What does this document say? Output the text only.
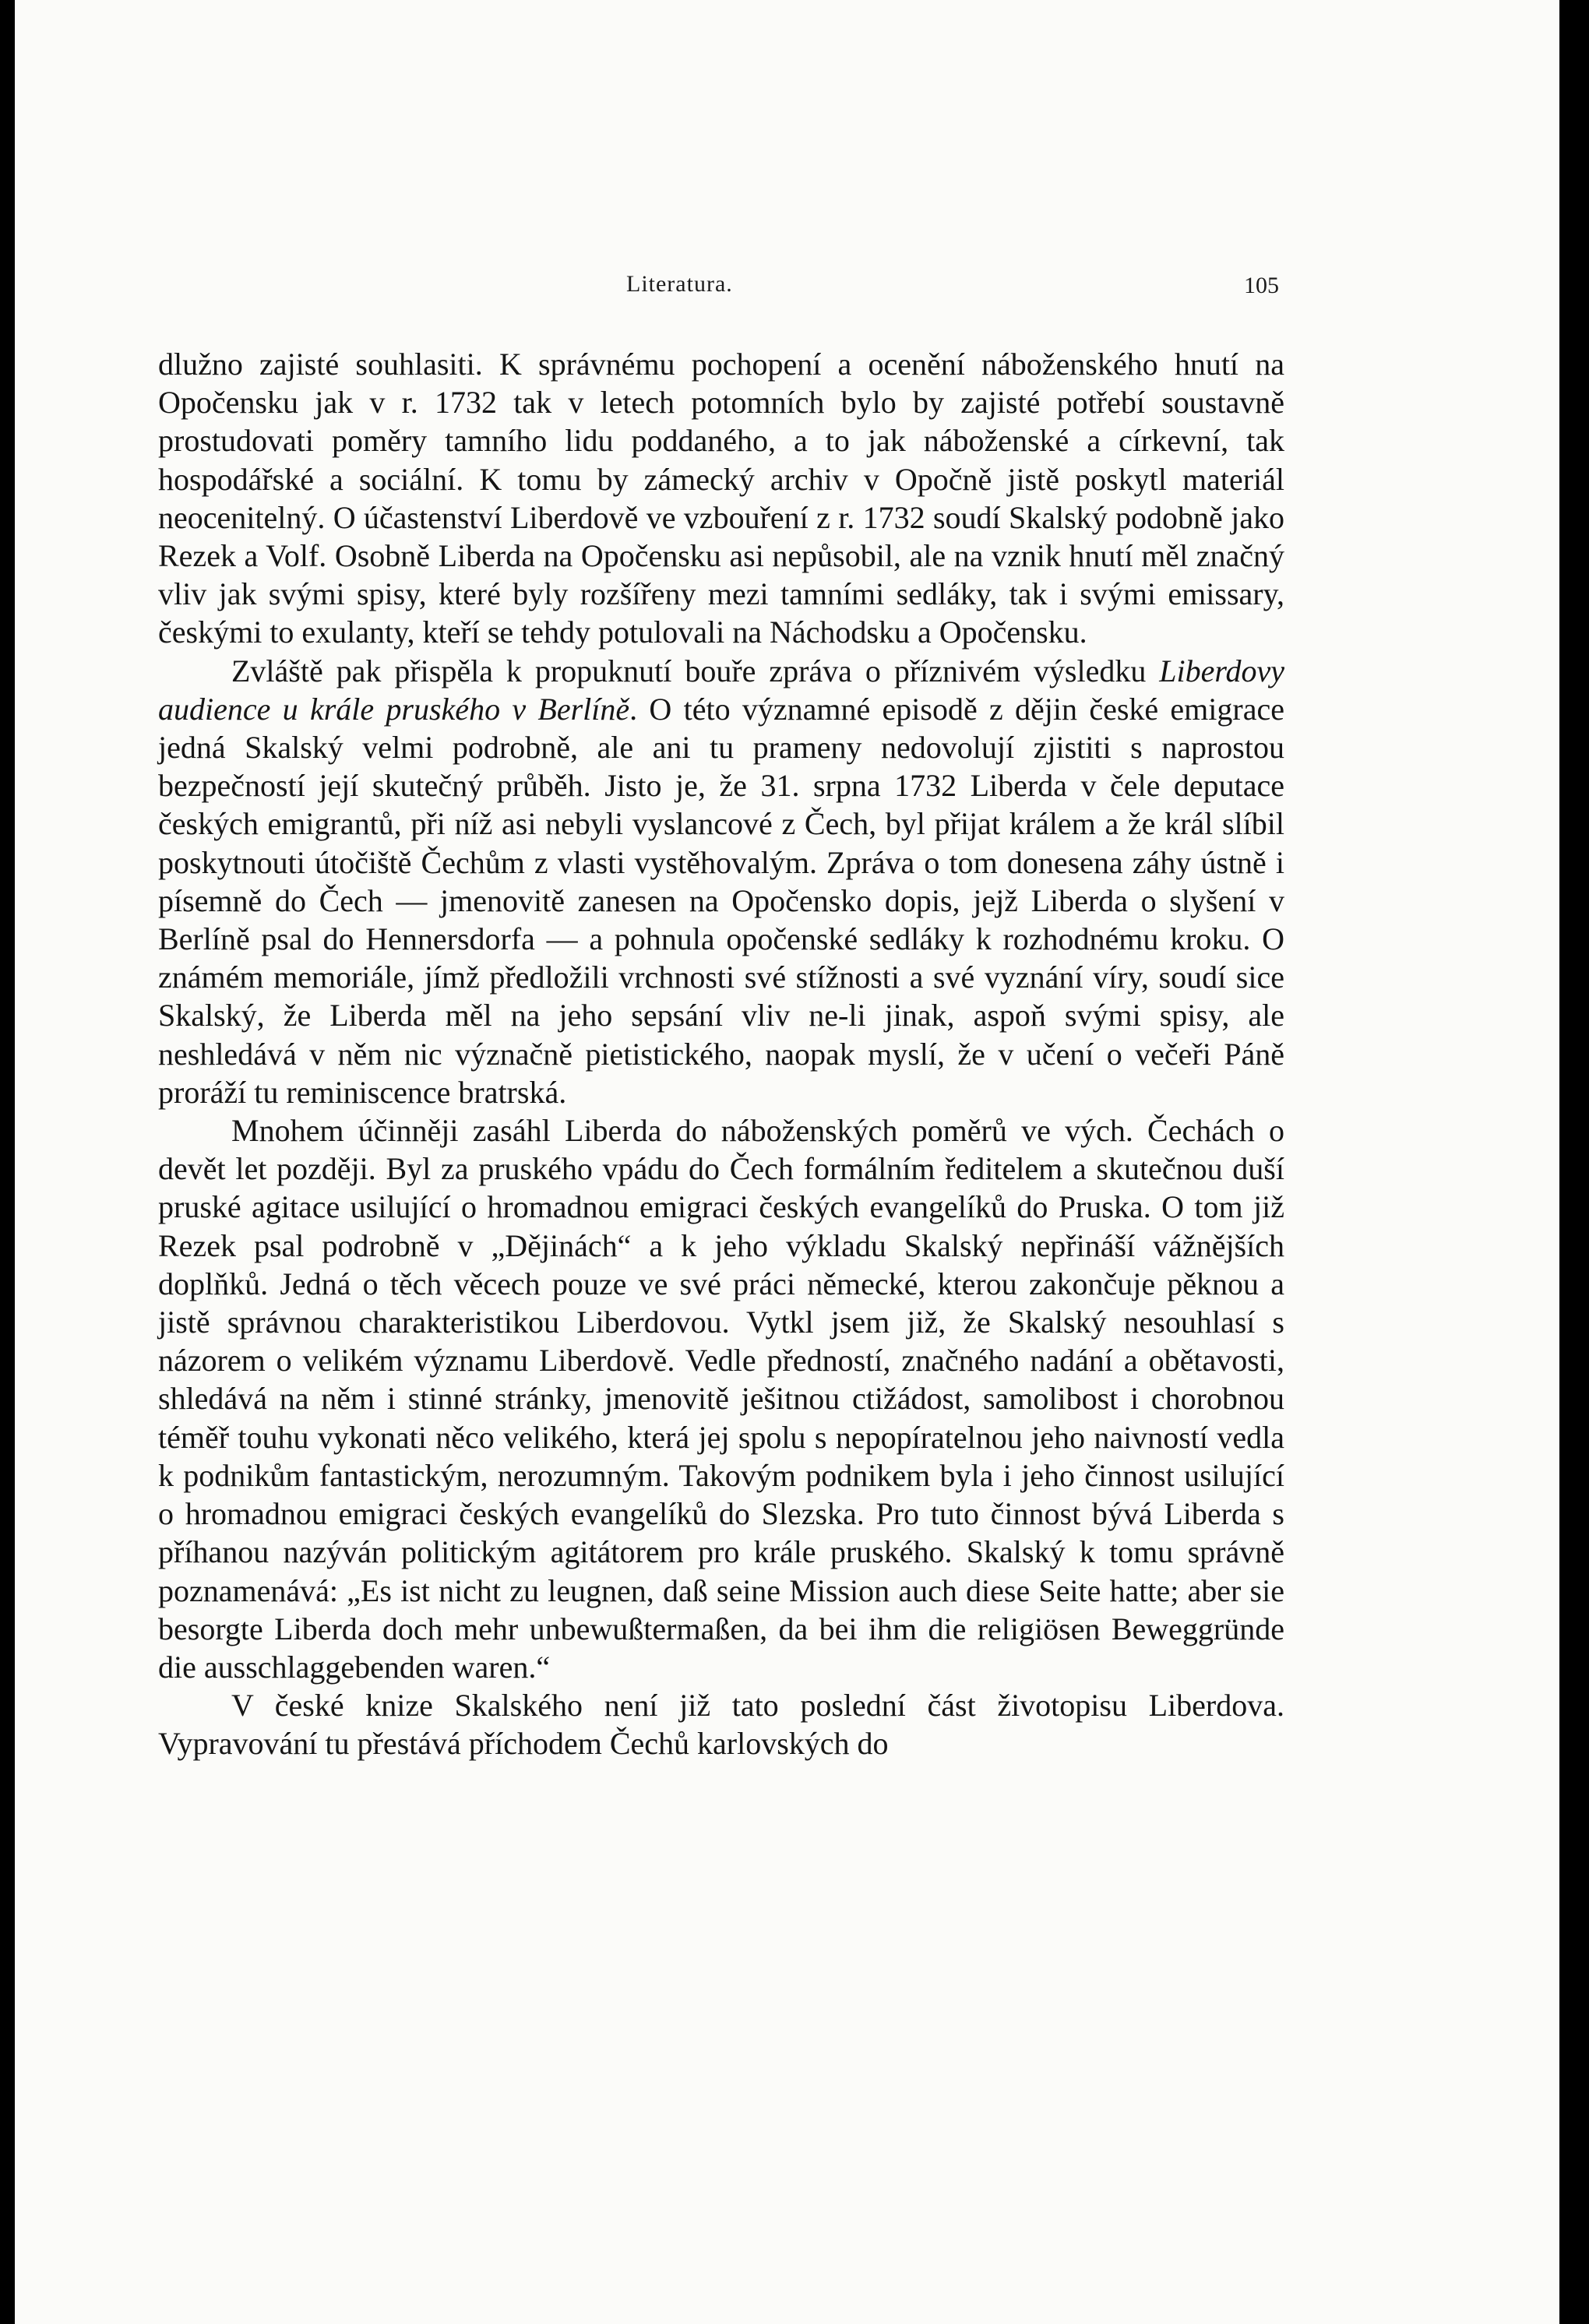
Literatura.	105

dlužno zajisté souhlasiti. K správnému pochopení a ocenění náboženského hnutí na Opočensku jak v r. 1732 tak v letech potomních bylo by zajisté potřebí soustavně prostudovati poměry tamního lidu poddaného, a to jak náboženské a církevní, tak hospodářské a sociální. K tomu by zámecký archiv v Opočně jistě poskytl materiál neocenitelný. O účastenství Liberdově ve vzbouření z r. 1732 soudí Skalský podobně jako Rezek a Volf. Osobně Liberda na Opočensku asi nepůsobil, ale na vznik hnutí měl značný vliv jak svými spisy, které byly rozšířeny mezi tamními sedláky, tak i svými emissary, českými to exulanty, kteří se tehdy potulovali na Náchodsku a Opočensku.

Zvláště pak přispěla k propuknutí bouře zpráva o příznivém výsledku Liberdovy audience u krále pruského v Berlíně. O této významné episodě z dějin české emigrace jedná Skalský velmi podrobně, ale ani tu prameny nedovolují zjistiti s naprostou bezpečností její skutečný průběh. Jisto je, že 31. srpna 1732 Liberda v čele deputace českých emigrantů, při níž asi nebyli vyslancové z Čech, byl přijat králem a že král slíbil poskytnouti útočiště Čechům z vlasti vystěhovalým. Zpráva o tom donesena záhy ústně i písemně do Čech — jmenovitě zanesen na Opočensko dopis, jejž Liberda o slyšení v Berlíně psal do Hennersdorfa — a pohnula opočenské sedláky k rozhodnému kroku. O známém memoriále, jímž předložili vrchnosti své stížnosti a své vyznání víry, soudí sice Skalský, že Liberda měl na jeho sepsání vliv ne-li jinak, aspoň svými spisy, ale neshledává v něm nic význačně pietistického, naopak myslí, že v učení o večeři Páně proráží tu reminiscence bratrská.

Mnohem účinněji zasáhl Liberda do náboženských poměrů ve vých. Čechách o devět let později. Byl za pruského vpádu do Čech formálním ředitelem a skutečnou duší pruské agitace usilující o hromadnou emigraci českých evangelíků do Pruska. O tom již Rezek psal podrobně v „Dějinách“ a k jeho výkladu Skalský nepřináší vážnějších doplňků. Jedná o těch věcech pouze ve své práci německé, kterou zakončuje pěknou a jistě správnou charakteristikou Liberdovou. Vytkl jsem již, že Skalský nesouhlasí s názorem o velikém významu Liberdově. Vedle předností, značného nadání a obětavosti, shledává na něm i stinné stránky, jmenovitě ješitnou ctižádost, samolibost i chorobnou téměř touhu vykonati něco velikého, která jej spolu s nepopíratelnou jeho naivností vedla k podnikům fantastickým, nerozumným. Takovým podnikem byla i jeho činnost usilující o hromadnou emigraci českých evangelíků do Slezska. Pro tuto činnost bývá Liberda s příhanou nazýván politickým agitátorem pro krále pruského. Skalský k tomu správně poznamenává: „Es ist nicht zu leugnen, daß seine Mission auch diese Seite hatte; aber sie besorgte Liberda doch mehr unbewußtermaßen, da bei ihm die religiösen Beweggründe die ausschlaggebenden waren.“

V české knize Skalského není již tato poslední část životopisu Liberdova. Vypravování tu přestává příchodem Čechů karlovských do
